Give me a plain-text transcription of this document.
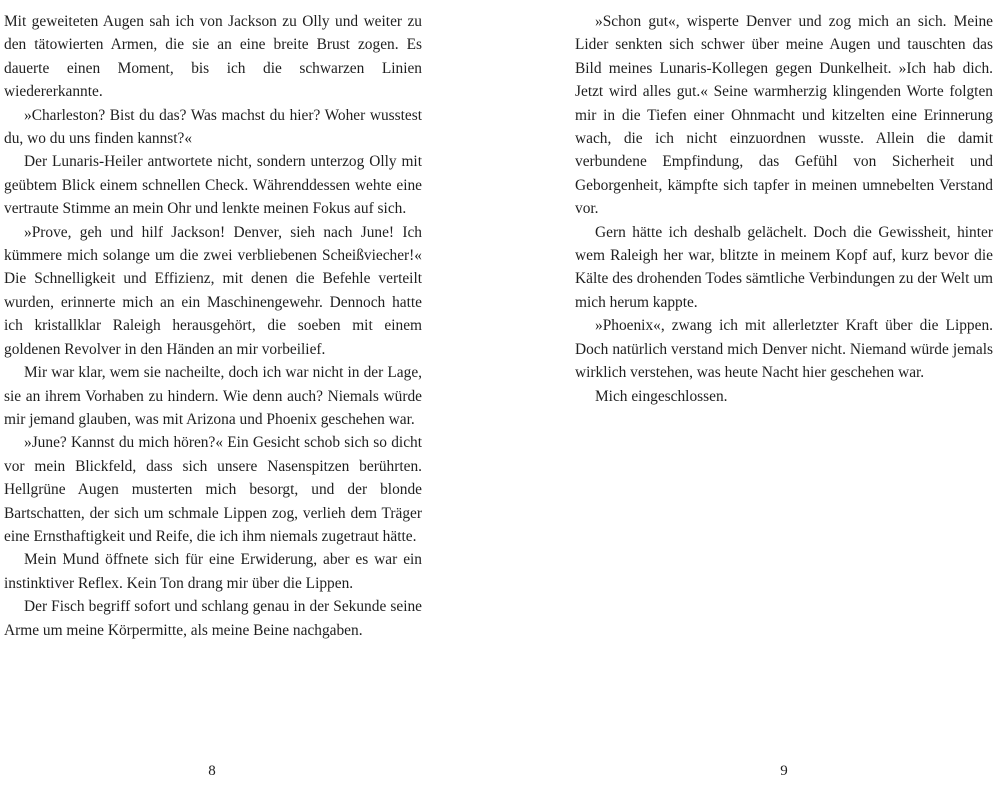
Mit geweiteten Augen sah ich von Jackson zu Olly und weiter zu den tätowierten Armen, die sie an eine breite Brust zogen. Es dauerte einen Moment, bis ich die schwarzen Linien wiedererkannte.

»Charleston? Bist du das? Was machst du hier? Woher wusstest du, wo du uns finden kannst?«

Der Lunaris-Heiler antwortete nicht, sondern unterzog Olly mit geübtem Blick einem schnellen Check. Währenddessen wehte eine vertraute Stimme an mein Ohr und lenkte meinen Fokus auf sich.

»Prove, geh und hilf Jackson! Denver, sieh nach June! Ich kümmere mich solange um die zwei verbliebenen Scheißviecher!« Die Schnelligkeit und Effizienz, mit denen die Befehle verteilt wurden, erinnerte mich an ein Maschinengewehr. Dennoch hatte ich kristallklar Raleigh herausgehört, die soeben mit einem goldenen Revolver in den Händen an mir vorbeilief.

Mir war klar, wem sie nacheilte, doch ich war nicht in der Lage, sie an ihrem Vorhaben zu hindern. Wie denn auch? Niemals würde mir jemand glauben, was mit Arizona und Phoenix geschehen war.

»June? Kannst du mich hören?« Ein Gesicht schob sich so dicht vor mein Blickfeld, dass sich unsere Nasenspitzen berührten. Hellgrüne Augen musterten mich besorgt, und der blonde Bartschatten, der sich um schmale Lippen zog, verlieh dem Träger eine Ernsthaftigkeit und Reife, die ich ihm niemals zugetraut hätte.

Mein Mund öffnete sich für eine Erwiderung, aber es war ein instinktiver Reflex. Kein Ton drang mir über die Lippen.

Der Fisch begriff sofort und schlang genau in der Sekunde seine Arme um meine Körpermitte, als meine Beine nachgaben.

»Schon gut«, wisperte Denver und zog mich an sich. Meine Lider senkten sich schwer über meine Augen und tauschten das Bild meines Lunaris-Kollegen gegen Dunkelheit. »Ich hab dich. Jetzt wird alles gut.« Seine warmherzig klingenden Worte folgten mir in die Tiefen einer Ohnmacht und kitzelten eine Erinnerung wach, die ich nicht einzuordnen wusste. Allein die damit verbundene Empfindung, das Gefühl von Sicherheit und Geborgenheit, kämpfte sich tapfer in meinen umnebelten Verstand vor.

Gern hätte ich deshalb gelächelt. Doch die Gewissheit, hinter wem Raleigh her war, blitzte in meinem Kopf auf, kurz bevor die Kälte des drohenden Todes sämtliche Verbindungen zu der Welt um mich herum kappte.

»Phoenix«, zwang ich mit allerletzter Kraft über die Lippen. Doch natürlich verstand mich Denver nicht. Niemand würde jemals wirklich verstehen, was heute Nacht hier geschehen war.

Mich eingeschlossen.

8	9
